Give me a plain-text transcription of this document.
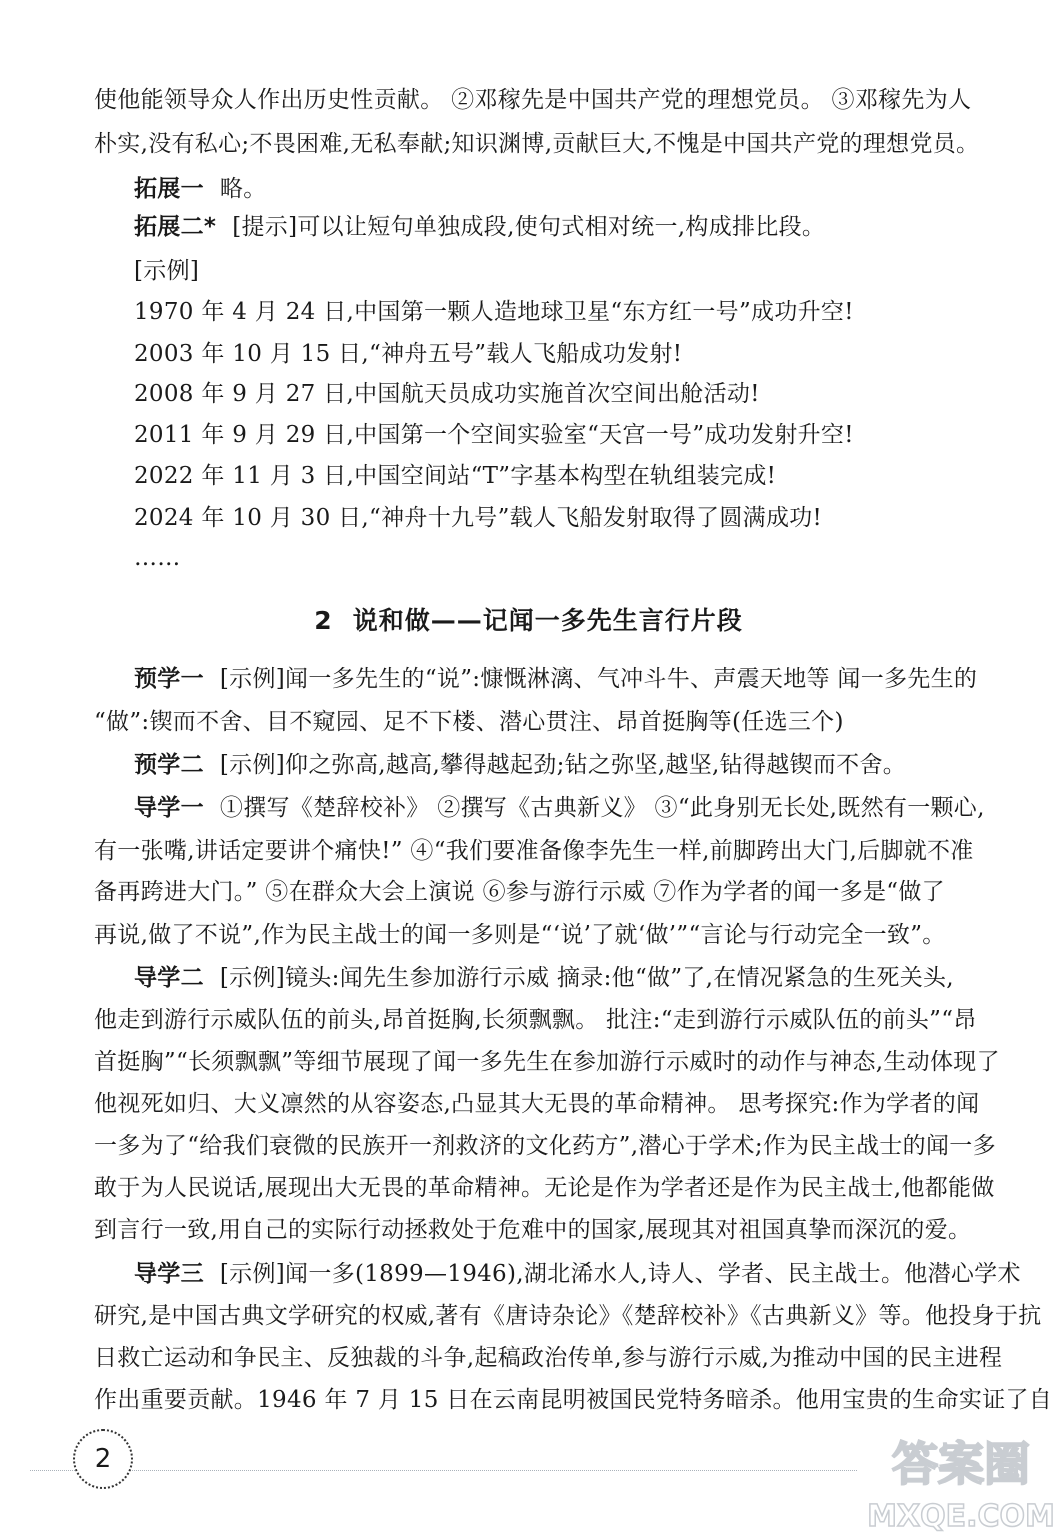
使他能领导众人作出历史性贡献。 ②邓稼先是中国共产党的理想党员。 ③邓稼先为人
朴实,没有私心;不畏困难,无私奉献;知识渊博,贡献巨大,不愧是中国共产党的理想党员。
拓展一 略。
拓展二* [提示]可以让短句单独成段,使句式相对统一,构成排比段。
[示例]
1970 年 4 月 24 日,中国第一颗人造地球卫星“东方红一号”成功升空!
2003 年 10 月 15 日,“神舟五号”载人飞船成功发射!
2008 年 9 月 27 日,中国航天员成功实施首次空间出舱活动!
2011 年 9 月 29 日,中国第一个空间实验室“天宫一号”成功发射升空!
2022 年 11 月 3 日,中国空间站“T”字基本构型在轨组装完成!
2024 年 10 月 30 日,“神舟十九号”载人飞船发射取得了圆满成功!
……
2 说和做——记闻一多先生言行片段
预学一 [示例]闻一多先生的“说”:慷慨淋漓、气冲斗牛、声震天地等 闻一多先生的
“做”:锲而不舍、目不窥园、足不下楼、潜心贯注、昂首挺胸等(任选三个)
预学二 [示例]仰之弥高,越高,攀得越起劲;钻之弥坚,越坚,钻得越锲而不舍。
导学一 ①撰写《楚辞校补》 ②撰写《古典新义》 ③“此身别无长处,既然有一颗心,
有一张嘴,讲话定要讲个痛快!” ④“我们要准备像李先生一样,前脚跨出大门,后脚就不准
备再跨进大门。” ⑤在群众大会上演说 ⑥参与游行示威 ⑦作为学者的闻一多是“做了
再说,做了不说”,作为民主战士的闻一多则是“‘说’了就‘做’”“言论与行动完全一致”。
导学二 [示例]镜头:闻先生参加游行示威 摘录:他“做”了,在情况紧急的生死关头,
他走到游行示威队伍的前头,昂首挺胸,长须飘飘。 批注:“走到游行示威队伍的前头”“昂
首挺胸”“长须飘飘”等细节展现了闻一多先生在参加游行示威时的动作与神态,生动体现了
他视死如归、大义凛然的从容姿态,凸显其大无畏的革命精神。 思考探究:作为学者的闻
一多为了“给我们衰微的民族开一剂救济的文化药方”,潜心于学术;作为民主战士的闻一多
敢于为人民说话,展现出大无畏的革命精神。无论是作为学者还是作为民主战士,他都能做
到言行一致,用自己的实际行动拯救处于危难中的国家,展现其对祖国真挚而深沉的爱。
导学三 [示例]闻一多(1899—1946),湖北浠水人,诗人、学者、民主战士。他潜心学术
研究,是中国古典文学研究的权威,著有《唐诗杂论》《楚辞校补》《古典新义》等。他投身于抗
日救亡运动和争民主、反独裁的斗争,起稿政治传单,参与游行示威,为推动中国的民主进程
作出重要贡献。1946 年 7 月 15 日在云南昆明被国民党特务暗杀。他用宝贵的生命实证了自
2	答案圈
MXQE.COM
